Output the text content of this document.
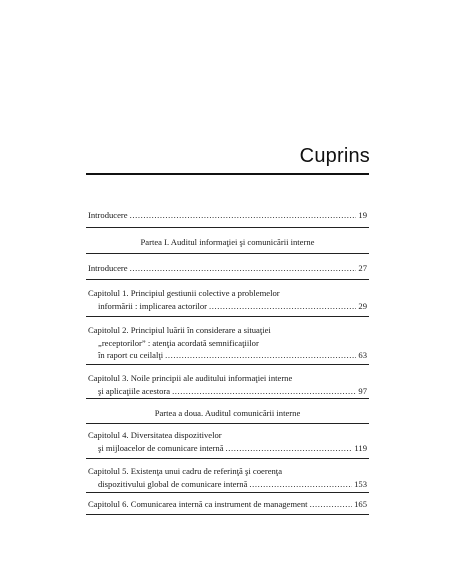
Cuprins
Introducere .....	19
Partea I. Auditul informaţiei şi comunicării interne
Introducere .....	27
Capitolul 1. Principiul gestiunii colective a problemelor
informării : implicarea actorilor .....	29
Capitolul 2. Principiul luării în considerare a situaţiei
„receptorilor” : atenţia acordată semnificaţiilor
în raport cu ceilalţi .....	63
Capitolul 3. Noile principii ale auditului informaţiei interne
şi aplicaţiile acestora .....	97
Partea a doua. Auditul comunicării interne
Capitolul 4. Diversitatea dispozitivelor
şi mijloacelor de comunicare internă .....	119
Capitolul 5. Existenţa unui cadru de referinţă şi coerenţa
dispozitivului global de comunicare internă .....	153
Capitolul 6. Comunicarea internă ca instrument de management .....	165
